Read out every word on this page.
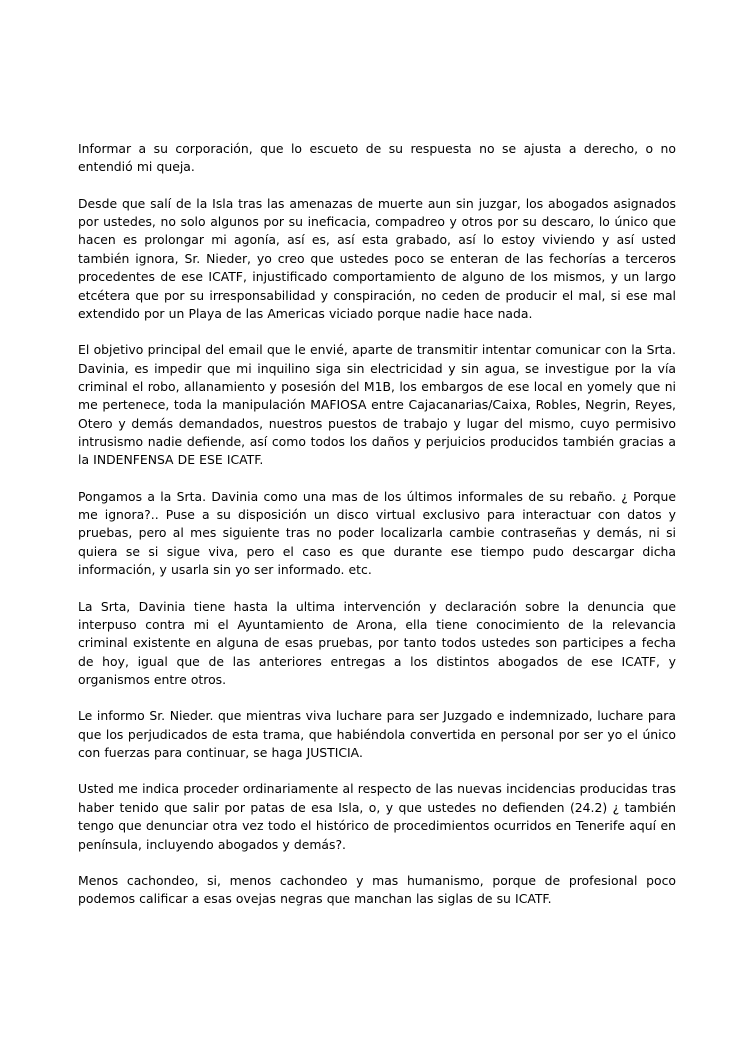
Informar a su corporación, que lo escueto de su respuesta no se ajusta a derecho, o no entendió mi queja.

Desde que salí de la Isla tras las amenazas de muerte aun sin juzgar, los abogados asignados por ustedes, no solo algunos por su ineficacia, compadreo y otros por su descaro, lo único que hacen es prolongar mi agonía, así es, así esta grabado, así lo estoy viviendo y así usted también ignora, Sr. Nieder, yo creo que ustedes poco se enteran de las fechorías a terceros procedentes de ese ICATF, injustificado comportamiento de alguno de los mismos, y un largo etcétera que por su irresponsabilidad y conspiración, no ceden de producir el mal, si ese mal extendido por un Playa de las Americas viciado porque nadie hace nada.

El objetivo principal del email que le envié, aparte de transmitir intentar comunicar con la Srta. Davinia, es impedir que mi inquilino siga sin electricidad y sin agua, se investigue por la vía criminal el robo, allanamiento y posesión del M1B, los embargos de ese local en yomely que ni me pertenece, toda la manipulación MAFIOSA entre Cajacanarias/Caixa, Robles, Negrin, Reyes, Otero y demás demandados, nuestros puestos de trabajo y lugar del mismo, cuyo permisivo intrusismo nadie defiende, así como todos los daños y perjuicios producidos también gracias a la INDENFENSA DE ESE ICATF.

Pongamos a la Srta. Davinia como una mas de los últimos informales de su rebaño. ¿ Porque me ignora?.. Puse a su disposición un disco virtual exclusivo para interactuar con datos y pruebas, pero al mes siguiente tras no poder localizarla cambie contraseñas y demás, ni si quiera se si sigue viva, pero el caso es que durante ese tiempo pudo descargar dicha información, y usarla sin yo ser informado. etc.

La Srta, Davinia tiene hasta la ultima intervención y declaración sobre la denuncia que interpuso contra mi el Ayuntamiento de Arona, ella tiene conocimiento de la relevancia criminal existente en alguna de esas pruebas, por tanto todos ustedes son participes a fecha de hoy, igual que de las anteriores entregas a los distintos abogados de ese ICATF, y organismos entre otros.

Le informo Sr. Nieder. que mientras viva luchare para ser Juzgado e indemnizado, luchare para que los perjudicados de esta trama, que habiéndola convertida en personal por ser yo el único con fuerzas para continuar, se haga JUSTICIA.

Usted me indica proceder ordinariamente al respecto de las nuevas incidencias producidas tras haber tenido que salir por patas de esa Isla, o, y que ustedes no defienden (24.2) ¿ también tengo que denunciar otra vez todo el histórico de procedimientos ocurridos en Tenerife aquí en península, incluyendo abogados y demás?.

Menos cachondeo, si, menos cachondeo y mas humanismo, porque de profesional poco podemos calificar a esas ovejas negras que manchan las siglas de su ICATF.
